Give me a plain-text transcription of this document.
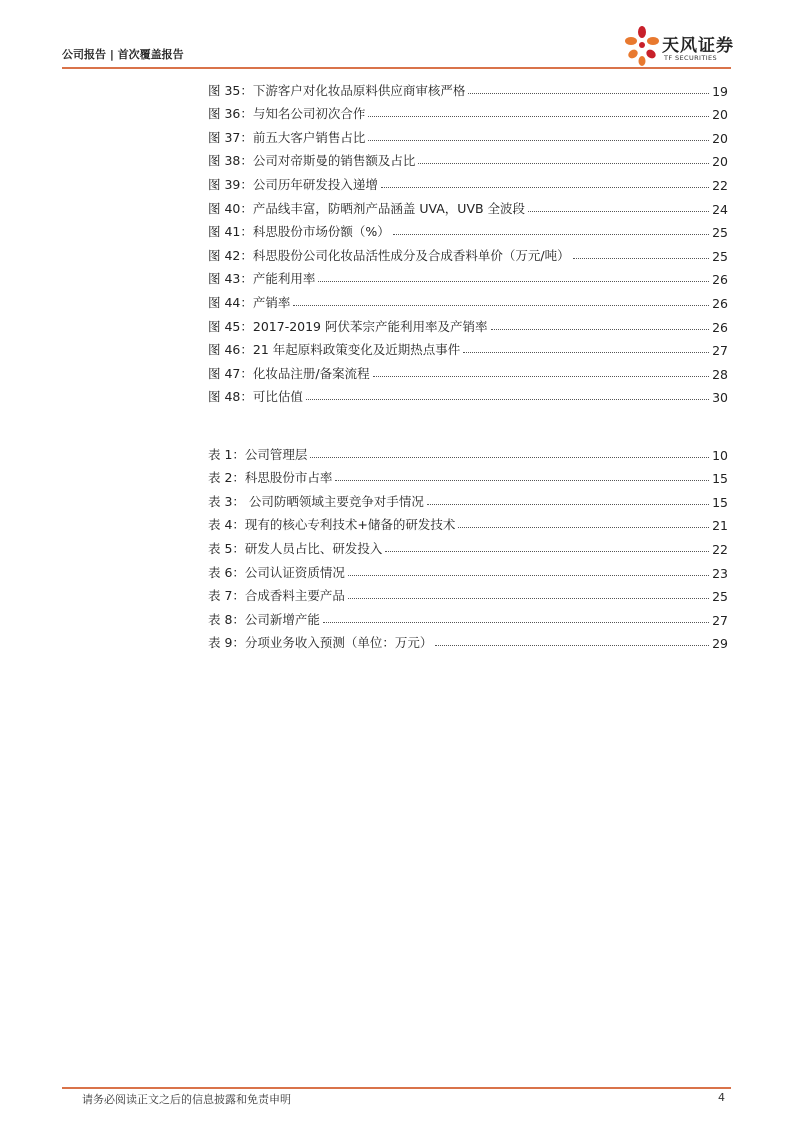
公司报告 | 首次覆盖报告	天风证券
TF SECURITIES
图 35：下游客户对化妆品原料供应商审核严格	19
图 36：与知名公司初次合作	20
图 37：前五大客户销售占比	20
图 38：公司对帝斯曼的销售额及占比	20
图 39：公司历年研发投入递增	22
图 40：产品线丰富，防晒剂产品涵盖 UVA，UVB 全波段	24
图 41：科思股份市场份额（%）	25
图 42：科思股份公司化妆品活性成分及合成香料单价（万元/吨）	25
图 43：产能利用率	26
图 44：产销率	26
图 45：2017-2019 阿伏苯宗产能利用率及产销率	26
图 46：21 年起原料政策变化及近期热点事件	27
图 47：化妆品注册/备案流程	28
图 48：可比估值	30
表 1：公司管理层	10
表 2：科思股份市占率	15
表 3： 公司防晒领域主要竞争对手情况	15
表 4：现有的核心专利技术+储备的研发技术	21
表 5：研发人员占比、研发投入	22
表 6：公司认证资质情况	23
表 7：合成香料主要产品	25
表 8：公司新增产能	27
表 9：分项业务收入预测（单位：万元）	29
请务必阅读正文之后的信息披露和免责申明	4
